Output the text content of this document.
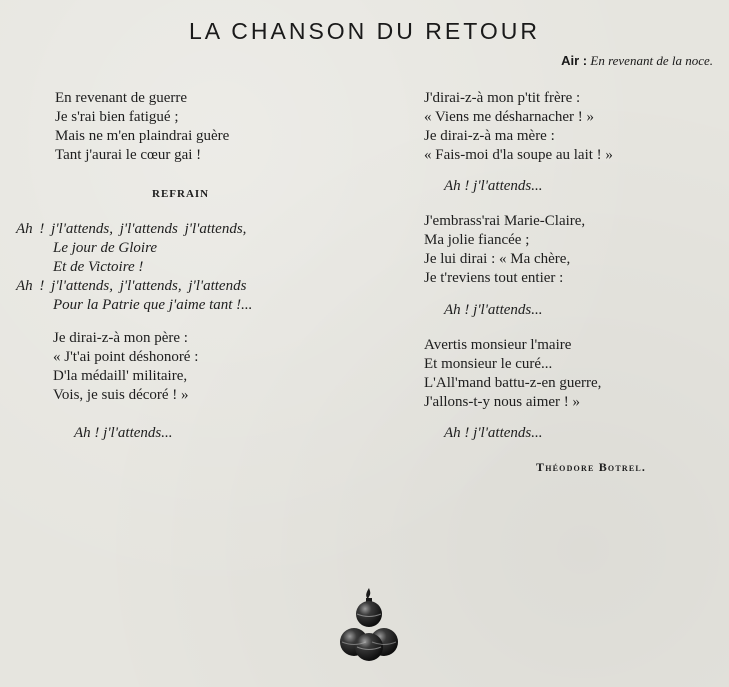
LA CHANSON DU RETOUR
Air : En revenant de la noce.
En revenant de guerre
Je s'rai bien fatigué ;
Mais ne m'en plaindrai guère
Tant j'aurai le cœur gai !
REFRAIN
Ah ! j'l'attends, j'l'attends j'l'attends,
Le jour de Gloire
Et de Victoire !
Ah ! j'l'attends, j'l'attends, j'l'attends
Pour la Patrie que j'aime tant !...
Je dirai-z-à mon père :
« J't'ai point déshonoré :
D'la médaill' militaire,
Vois, je suis décoré ! »
Ah ! j'l'attends...
J'dirai-z-à mon p'tit frère :
« Viens me désharnacher ! »
Je dirai-z-à ma mère :
« Fais-moi d'la soupe au lait ! »
Ah ! j'l'attends...
J'embrass'rai Marie-Claire,
Ma jolie fiancée ;
Je lui dirai : « Ma chère,
Je t'reviens tout entier :
Ah ! j'l'attends...
Avertis monsieur l'maire
Et monsieur le curé...
L'All'mand battu-z-en guerre,
J'allons-t-y nous aimer ! »
Ah ! j'l'attends...
Théodore Botrel.
